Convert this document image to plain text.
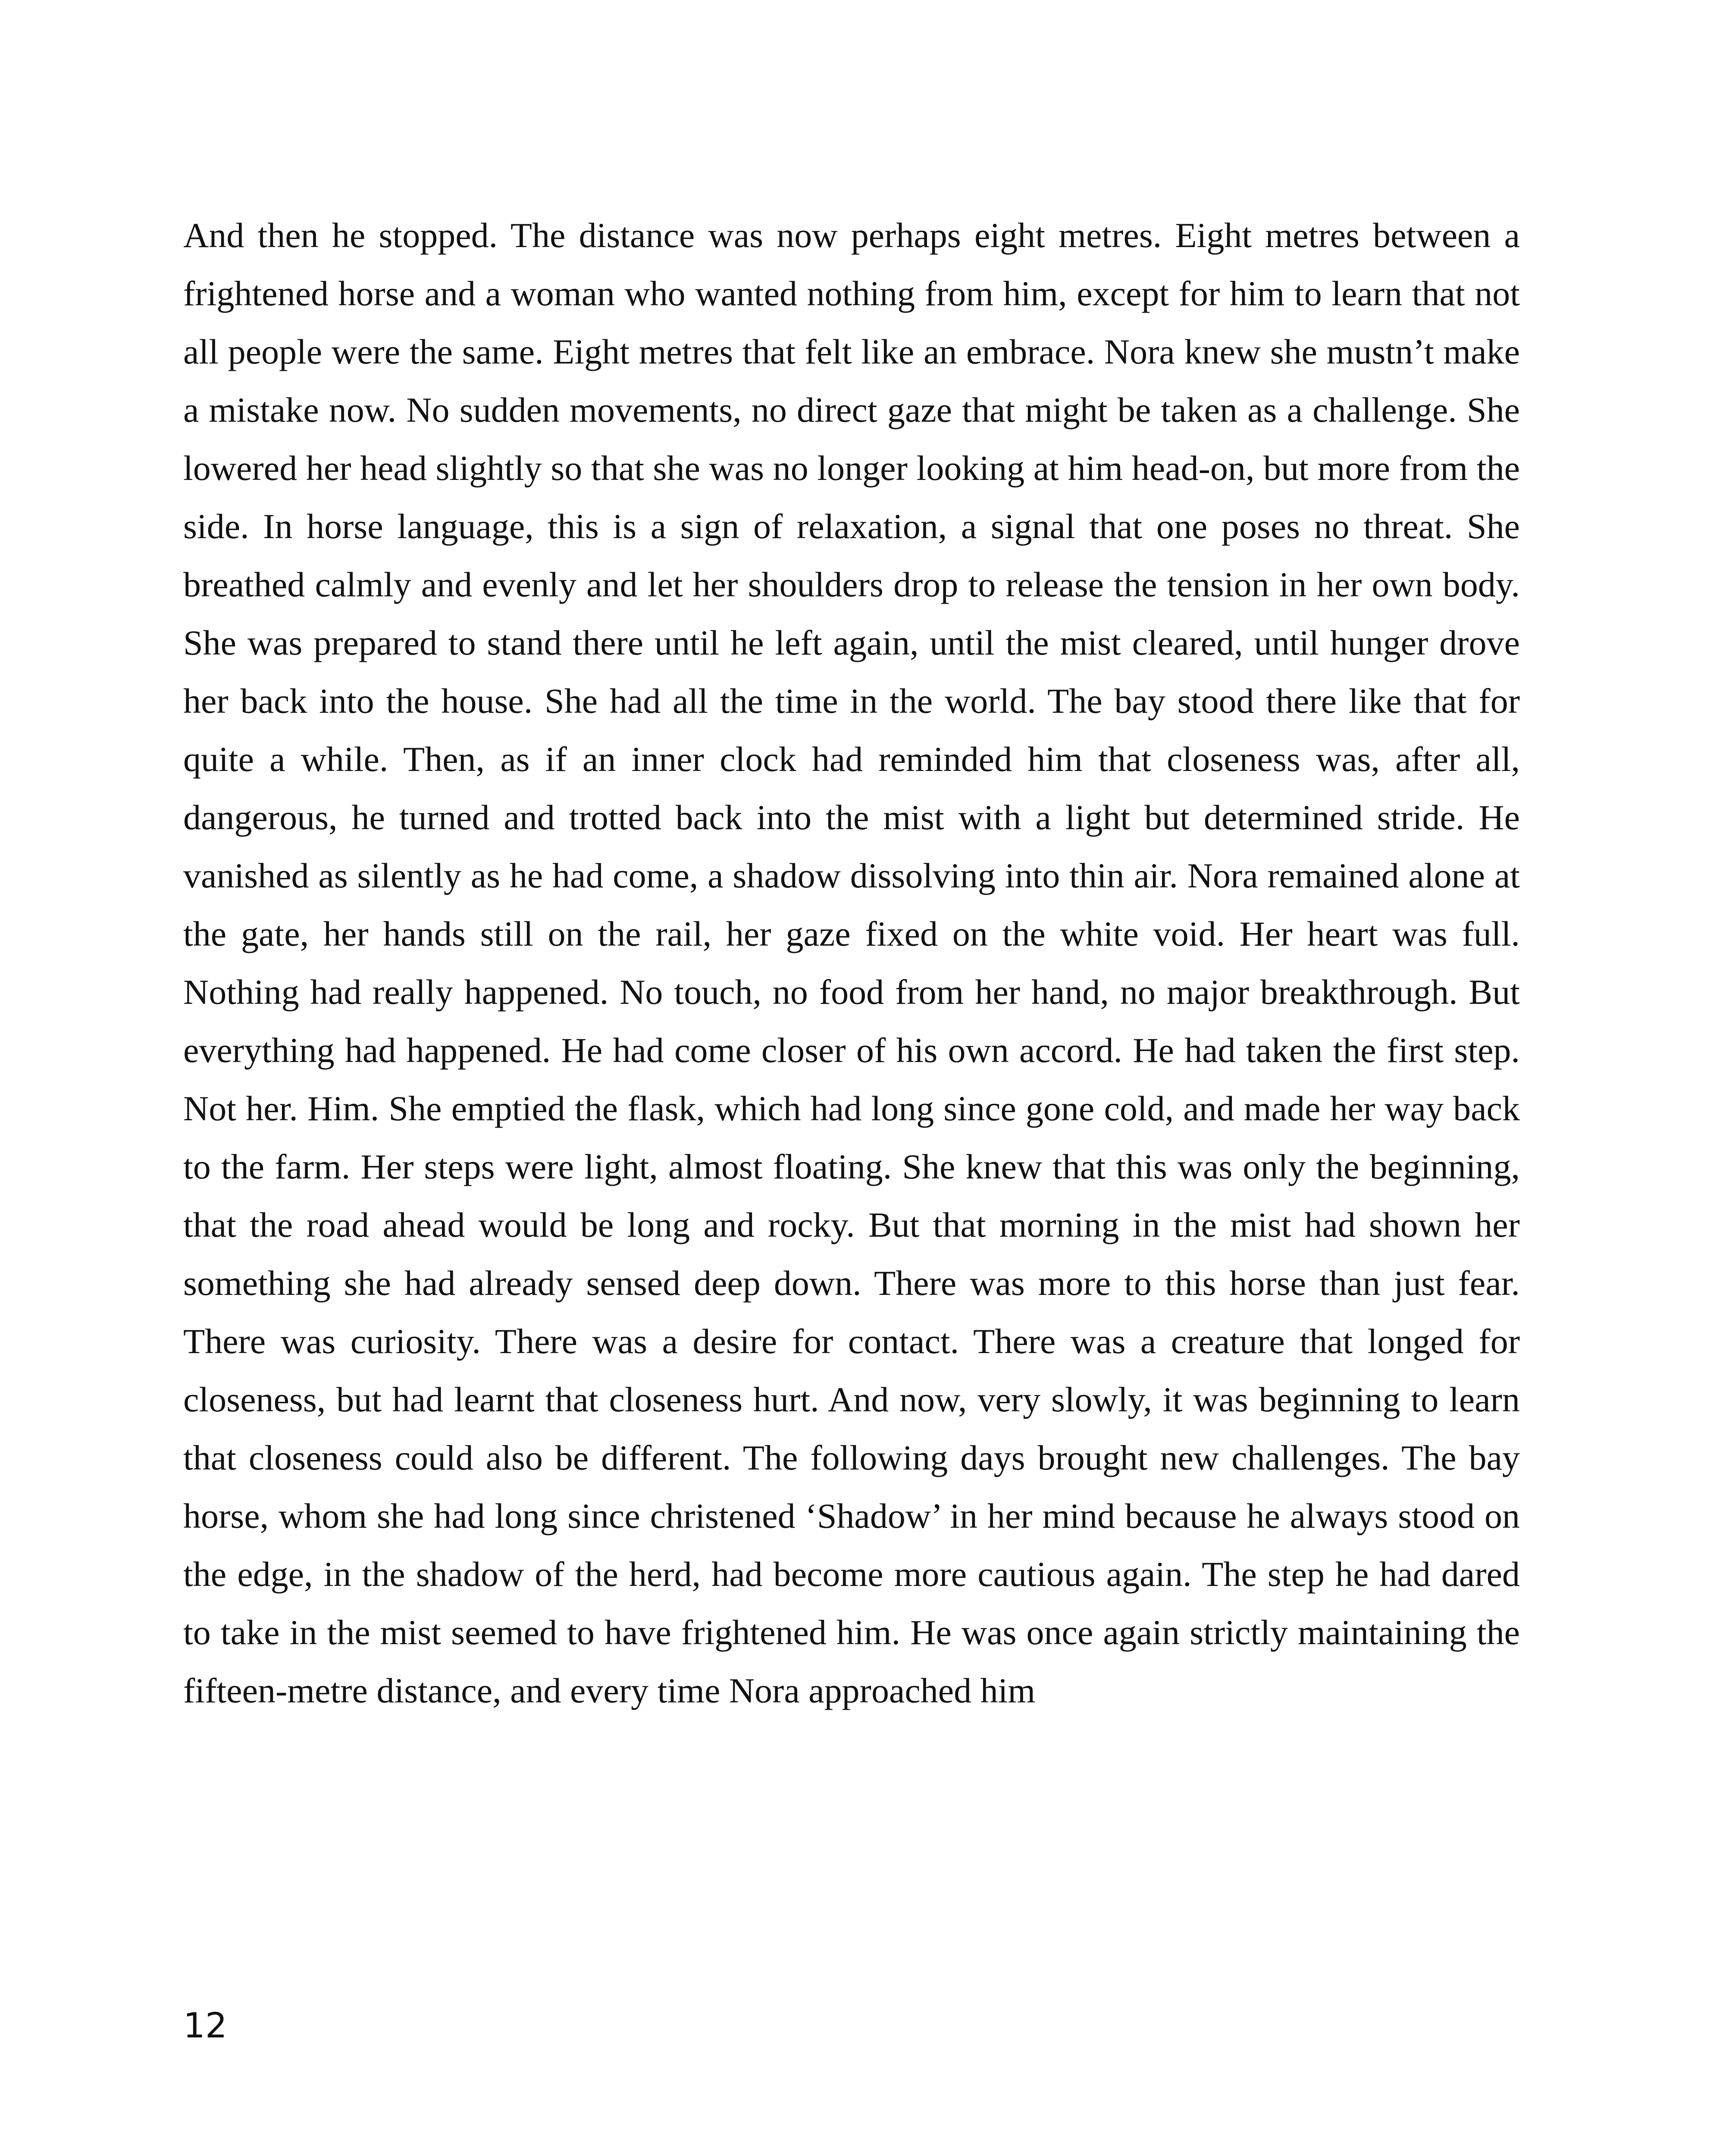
And then he stopped. The distance was now perhaps eight metres. Eight metres between a frightened horse and a woman who wanted nothing from him, except for him to learn that not all people were the same. Eight metres that felt like an embrace. Nora knew she mustn’t make a mistake now. No sudden movements, no direct gaze that might be taken as a challenge. She lowered her head slightly so that she was no longer looking at him head-on, but more from the side. In horse language, this is a sign of relaxation, a signal that one poses no threat. She breathed calmly and evenly and let her shoulders drop to release the tension in her own body. She was prepared to stand there until he left again, until the mist cleared, until hunger drove her back into the house. She had all the time in the world. The bay stood there like that for quite a while. Then, as if an inner clock had reminded him that closeness was, after all, dangerous, he turned and trotted back into the mist with a light but determined stride. He vanished as silently as he had come, a shadow dissolving into thin air. Nora remained alone at the gate, her hands still on the rail, her gaze fixed on the white void. Her heart was full. Nothing had really happened. No touch, no food from her hand, no major breakthrough. But everything had happened. He had come closer of his own accord. He had taken the first step. Not her. Him. She emptied the flask, which had long since gone cold, and made her way back to the farm. Her steps were light, almost floating. She knew that this was only the beginning, that the road ahead would be long and rocky. But that morning in the mist had shown her something she had already sensed deep down. There was more to this horse than just fear. There was curiosity. There was a desire for contact. There was a creature that longed for closeness, but had learnt that closeness hurt. And now, very slowly, it was beginning to learn that closeness could also be different. The following days brought new challenges. The bay horse, whom she had long since christened ‘Shadow’ in her mind because he always stood on the edge, in the shadow of the herd, had become more cautious again. The step he had dared to take in the mist seemed to have frightened him. He was once again strictly maintaining the fifteen-metre distance, and every time Nora approached him

12
